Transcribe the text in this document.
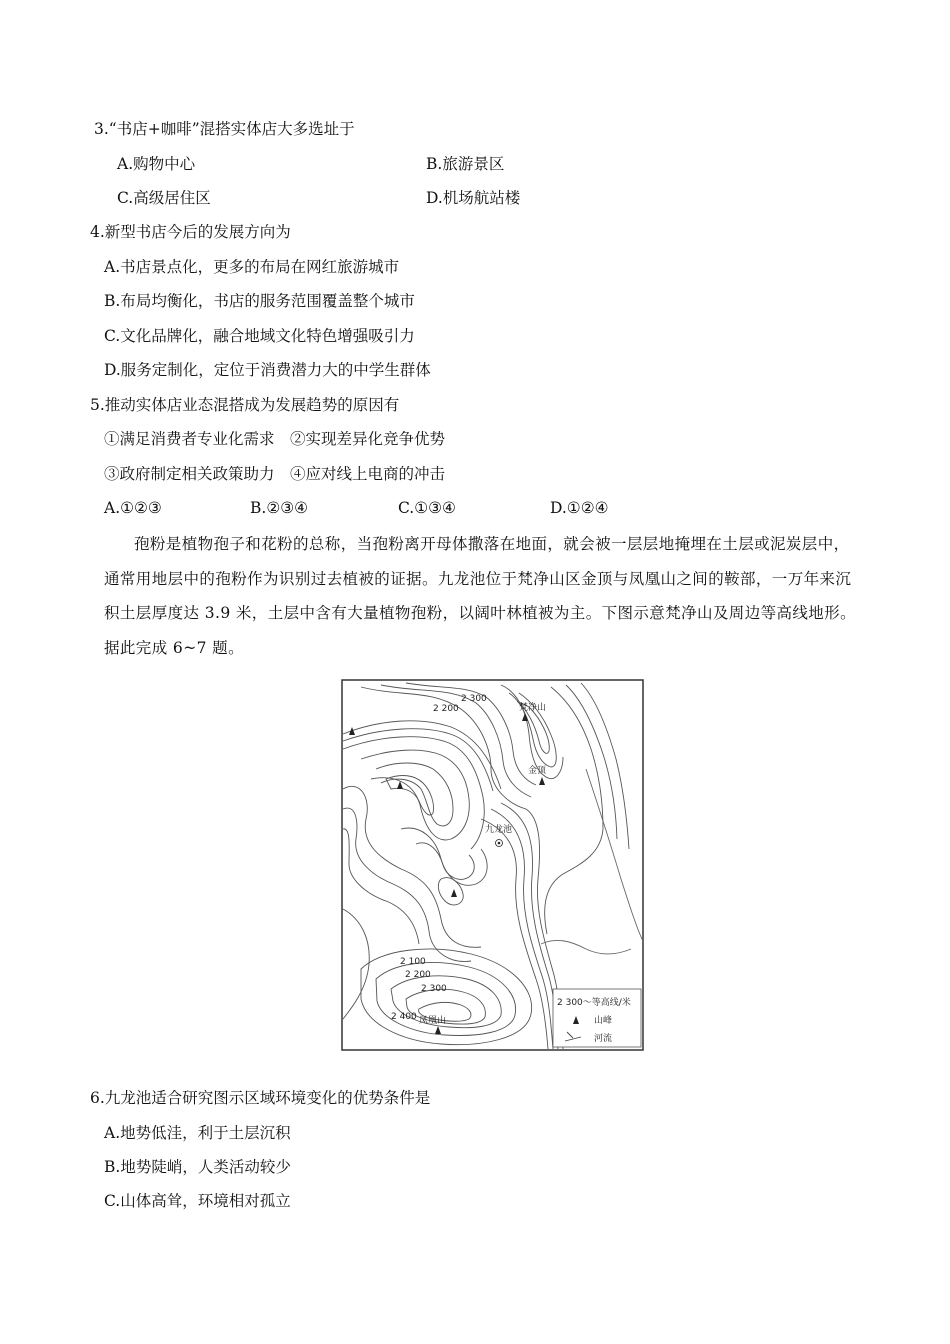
3.“书店+咖啡”混搭实体店大多选址于
A.购物中心	B.旅游景区
C.高级居住区	D.机场航站楼
4.新型书店今后的发展方向为
A.书店景点化，更多的布局在网红旅游城市
B.布局均衡化，书店的服务范围覆盖整个城市
C.文化品牌化，融合地域文化特色增强吸引力
D.服务定制化，定位于消费潜力大的中学生群体
5.推动实体店业态混搭成为发展趋势的原因有
①满足消费者专业化需求　②实现差异化竞争优势
③政府制定相关政策助力　④应对线上电商的冲击
A.①②③	B.②③④	C.①③④	D.①②④
孢粉是植物孢子和花粉的总称，当孢粉离开母体撒落在地面，就会被一层层地掩埋在土层或泥炭层中，通常用地层中的孢粉作为识别过去植被的证据。九龙池位于梵净山区金顶与凤凰山之间的鞍部，一万年来沉积土层厚度达 3.9 米，土层中含有大量植物孢粉，以阔叶林植被为主。下图示意梵净山及周边等高线地形。据此完成 6~7 题。
2 300
2 200	梵净山
金顶
九龙池
2 100
2 200
2 300
2 400 凤凰山
2 300～等高线/米
山峰
河流
6.九龙池适合研究图示区域环境变化的优势条件是
A.地势低洼，利于土层沉积
B.地势陡峭，人类活动较少
C.山体高耸，环境相对孤立
